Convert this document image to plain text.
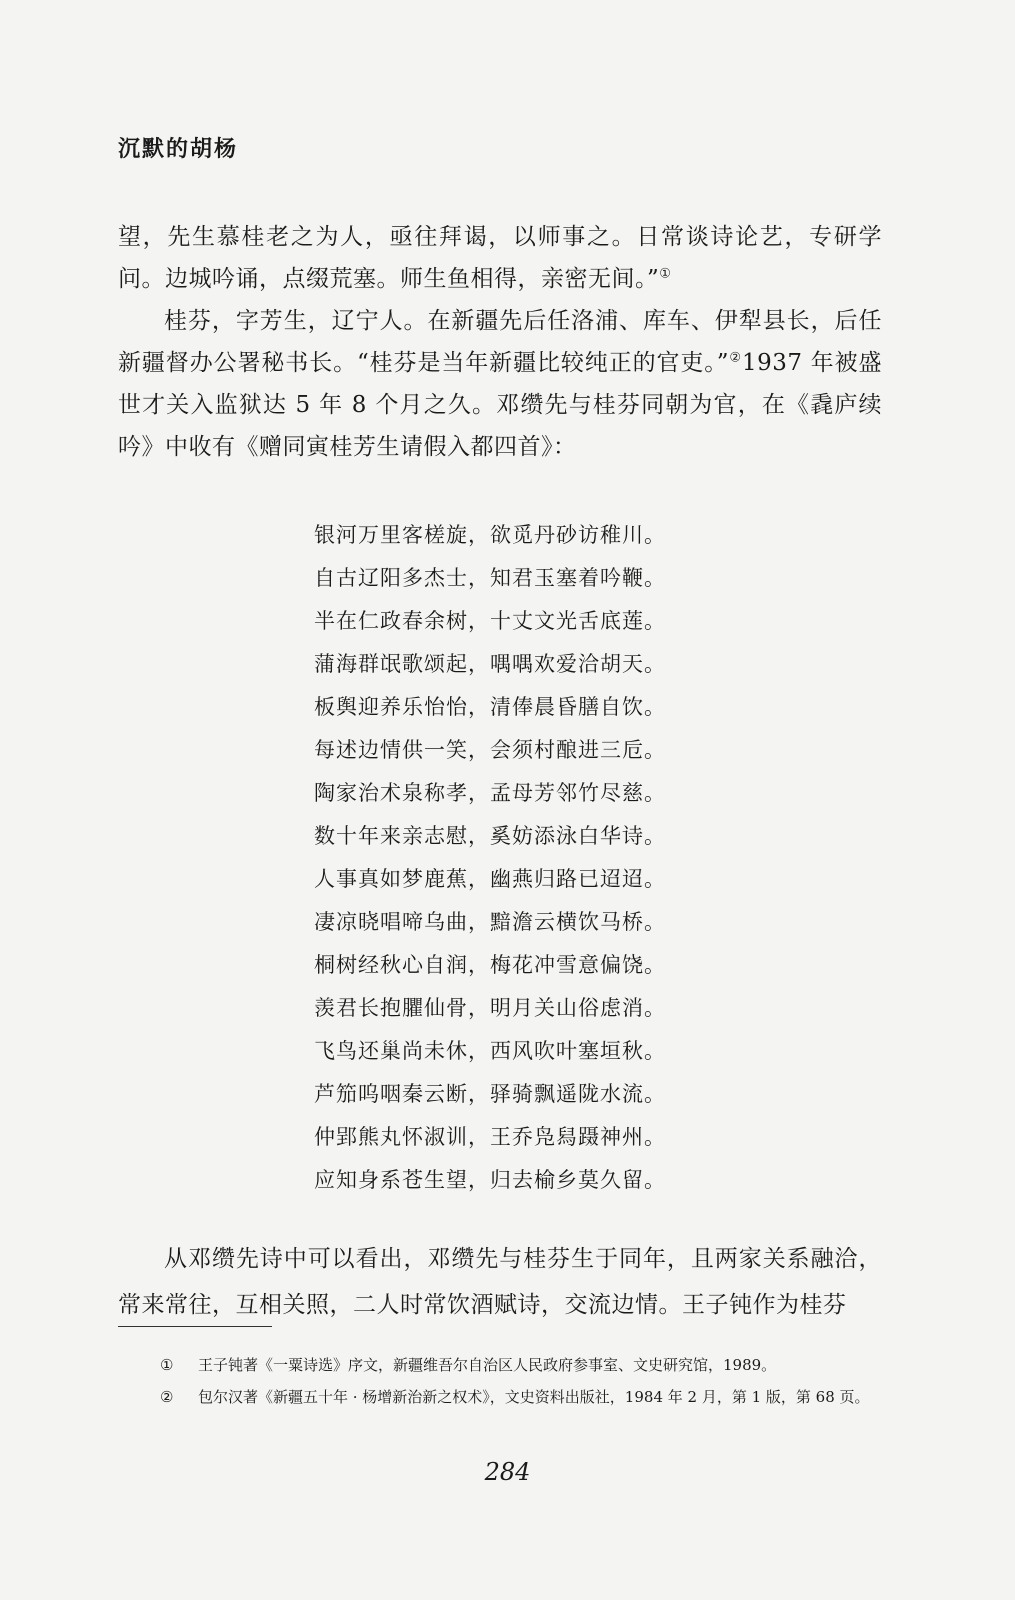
沉默的胡杨

望，先生慕桂老之为人，亟往拜谒，以师事之。日常谈诗论艺，专研学问。边城吟诵，点缀荒塞。师生鱼相得，亲密无间。”①

桂芬，字芳生，辽宁人。在新疆先后任洛浦、库车、伊犁县长，后任新疆督办公署秘书长。“桂芬是当年新疆比较纯正的官吏。”②1937 年被盛世才关入监狱达 5 年 8 个月之久。邓缵先与桂芬同朝为官，在《毳庐续吟》中收有《赠同寅桂芳生请假入都四首》：

银河万里客槎旋，欲觅丹砂访稚川。
自古辽阳多杰士，知君玉塞着吟鞭。
半在仁政春余树，十丈文光舌底莲。
蒲海群氓歌颂起，喁喁欢爱洽胡天。
板舆迎养乐怡怡，清俸晨昏膳自饮。
每述边情供一笑，会须村酿进三卮。
陶家治术泉称孝，孟母芳邻竹尽慈。
数十年来亲志慰，奚妨添泳白华诗。
人事真如梦鹿蕉，幽燕归路已迢迢。
凄凉晓唱啼乌曲，黯澹云横饮马桥。
桐树经秋心自润，梅花冲雪意偏饶。
羡君长抱臞仙骨，明月关山俗虑消。
飞鸟还巢尚未休，西风吹叶塞垣秋。
芦笳呜咽秦云断，驿骑飘遥陇水流。
仲郢熊丸怀淑训，王乔凫舄蹑神州。
应知身系苍生望，归去榆乡莫久留。

从邓缵先诗中可以看出，邓缵先与桂芬生于同年，且两家关系融洽，常来常往，互相关照，二人时常饮酒赋诗，交流边情。王子钝作为桂芬

①	王子钝著《一粟诗选》序文，新疆维吾尔自治区人民政府参事室、文史研究馆，1989。
②	包尔汉著《新疆五十年 · 杨增新治新之权术》，文史资料出版社，1984 年 2 月，第 1 版，第 68 页。
284
